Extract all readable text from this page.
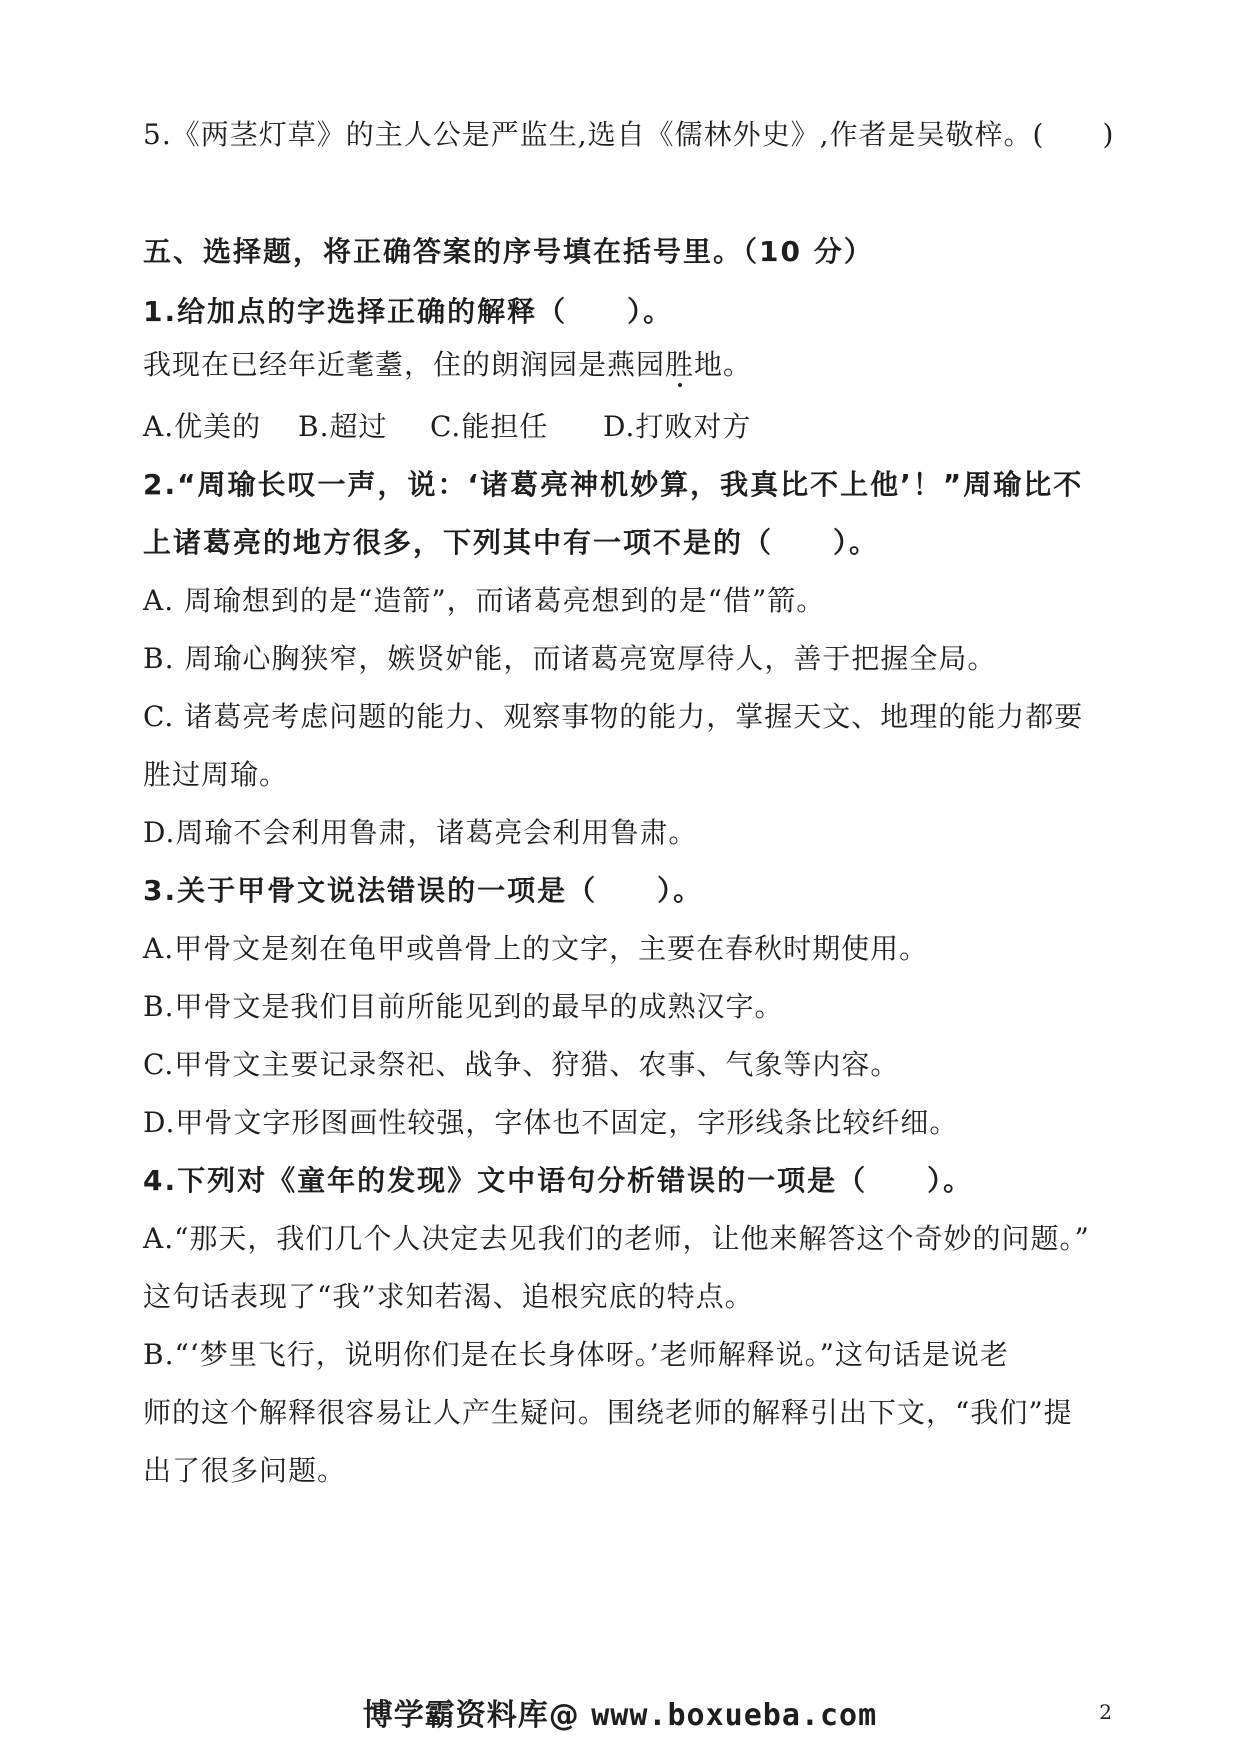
5.《两茎灯草》的主人公是严监生,选自《儒林外史》,作者是吴敬梓。(　　)
五、选择题，将正确答案的序号填在括号里。（10 分）
1.给加点的字选择正确的解释（　　）。
我现在已经年近耄耋，住的朗润园是燕园胜地。
A.优美的 B.超过 C.能担任 D.打败对方
2.“周瑜长叹一声，说：‘诸葛亮神机妙算，我真比不上他’！”周瑜比不
上诸葛亮的地方很多，下列其中有一项不是的（　　）。
A. 周瑜想到的是“造箭”，而诸葛亮想到的是“借”箭。
B. 周瑜心胸狭窄，嫉贤妒能，而诸葛亮宽厚待人，善于把握全局。
C. 诸葛亮考虑问题的能力、观察事物的能力，掌握天文、地理的能力都要
胜过周瑜。
D.周瑜不会利用鲁肃，诸葛亮会利用鲁肃。
3.关于甲骨文说法错误的一项是（　　）。
A.甲骨文是刻在龟甲或兽骨上的文字，主要在春秋时期使用。
B.甲骨文是我们目前所能见到的最早的成熟汉字。
C.甲骨文主要记录祭祀、战争、狩猎、农事、气象等内容。
D.甲骨文字形图画性较强，字体也不固定，字形线条比较纤细。
4.下列对《童年的发现》文中语句分析错误的一项是（　　）。
A.“那天，我们几个人决定去见我们的老师，让他来解答这个奇妙的问题。”
这句话表现了“我”求知若渴、追根究底的特点。
B.“‘梦里飞行，说明你们是在长身体呀。’老师解释说。”这句话是说老
师的这个解释很容易让人产生疑问。围绕老师的解释引出下文，“我们”提
出了很多问题。
博学霸资料库@ www.boxueba.com	2
